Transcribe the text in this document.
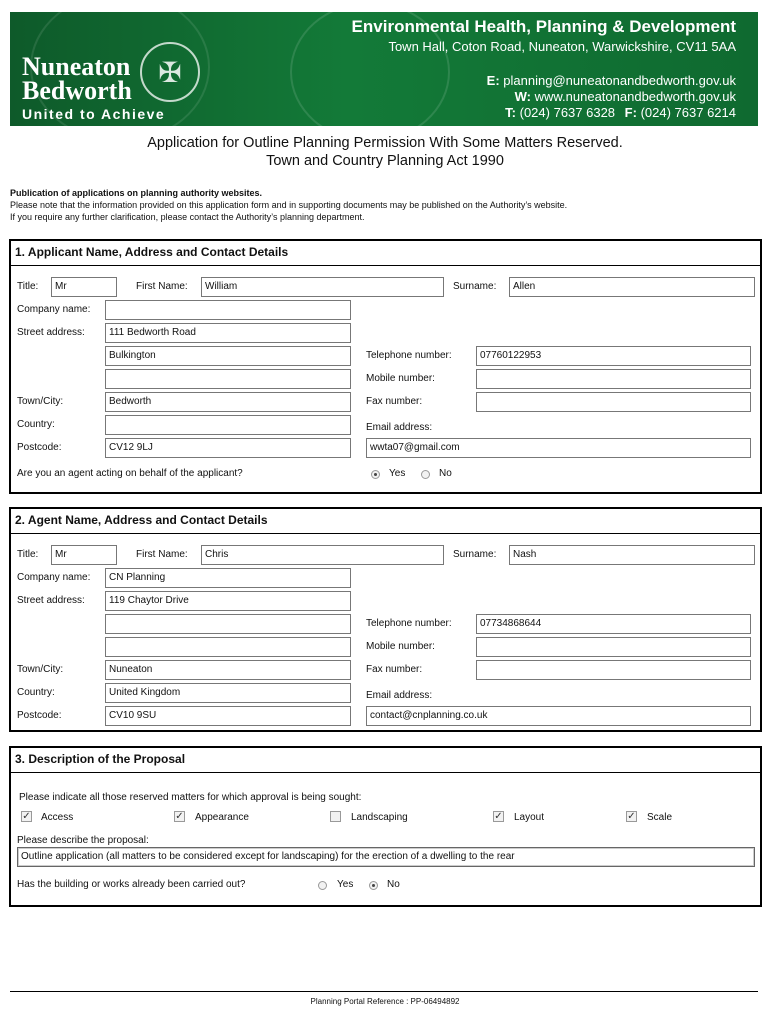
✠
Nuneaton
Bedworth
United to Achieve
Environmental Health, Planning & Development
Town Hall, Coton Road, Nuneaton, Warwickshire, CV11 5AA
E: planning@nuneatonandbedworth.gov.uk
W: www.nuneatonandbedworth.gov.uk
T: (024) 7637 6328 F: (024) 7637 6214
Application for Outline Planning Permission With Some Matters Reserved.
Town and Country Planning Act 1990
Publication of applications on planning authority websites.
Please note that the information provided on this application form and in supporting documents may be published on the Authority’s website.
If you require any further clarification, please contact the Authority’s planning department.
1. Applicant Name, Address and Contact Details
Title:	Mr	First Name:	William	Surname:	Allen
Company name:
Street address:	111 Bedworth Road
Bulkington	Telephone number:	07760122953
Mobile number:
Town/City:	Bedworth	Fax number:
Country:	Email address:
Postcode:	CV12 9LJ	wwta07@gmail.com
Are you an agent acting on behalf of the applicant?	Yes	No
2. Agent Name, Address and Contact Details
Title:	Mr	First Name:	Chris	Surname:	Nash
Company name:	CN Planning
Street address:	119 Chaytor Drive
Telephone number:	07734868644
Mobile number:
Town/City:	Nuneaton	Fax number:
Country:	United Kingdom	Email address:
Postcode:	CV10 9SU	contact@cnplanning.co.uk
3. Description of the Proposal
Please indicate all those reserved matters for which approval is being sought:
✓ Access	✓ Appearance	Landscaping	✓ Layout	✓ Scale
Please describe the proposal:
Outline application (all matters to be considered except for landscaping) for the erection of a dwelling to the rear
Has the building or works already been carried out?	Yes	No
Planning Portal Reference : PP-06494892
